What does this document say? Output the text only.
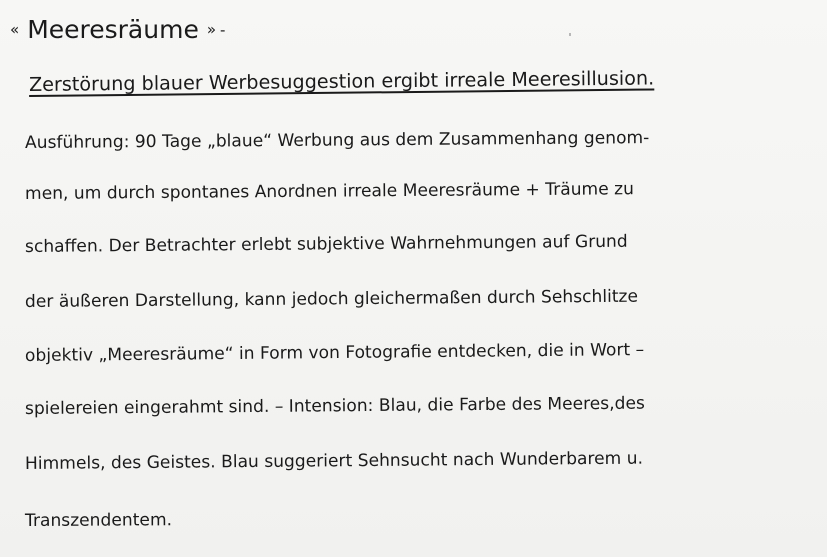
« Meeresräume » -
Zerstörung blauer Werbesuggestion ergibt irreale Meeresillusion.
Ausführung: 90 Tage „blaue“ Werbung aus dem Zusammenhang genom-
men, um durch spontanes Anordnen irreale Meeresräume + Träume zu
schaffen. Der Betrachter erlebt subjektive Wahrnehmungen auf Grund
der äußeren Darstellung, kann jedoch gleichermaßen durch Sehschlitze
objektiv „Meeresräume“ in Form von Fotografie entdecken, die in Wort –
spielereien eingerahmt sind. – Intension: Blau, die Farbe des Meeres,des
Himmels, des Geistes. Blau suggeriert Sehnsucht nach Wunderbarem u.
Transzendentem.
